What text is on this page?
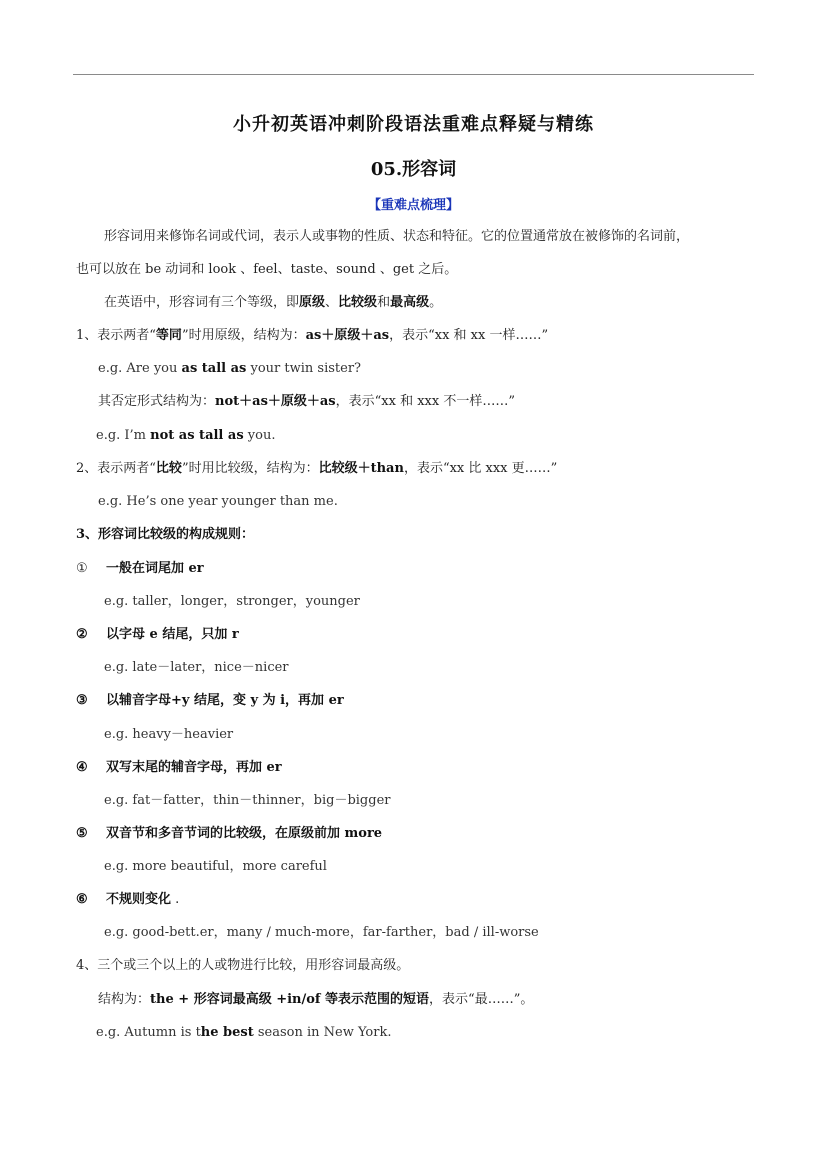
小升初英语冲刺阶段语法重难点释疑与精练
05.形容词
【重难点梳理】
形容词用来修饰名词或代词，表示人或事物的性质、状态和特征。它的位置通常放在被修饰的名词前，
也可以放在 be 动词和 look 、feel、taste、sound 、get 之后。
在英语中，形容词有三个等级，即原级、比较级和最高级。
1、表示两者“等同”时用原级，结构为：as＋原级＋as，表示“xx 和 xx 一样……”
e.g. Are you as tall as your twin sister?
其否定形式结构为：not＋as＋原级＋as，表示“xx 和 xxx 不一样……”
e.g. I’m not as tall as you.
2、表示两者“比较”时用比较级，结构为：比较级＋than，表示“xx 比 xxx 更……”
e.g. He’s one year younger than me.
3、形容词比较级的构成规则：
① 一般在词尾加 er
e.g. taller，longer，stronger，younger
② 以字母 e 结尾，只加 r
e.g. late－later，nice－nicer
③ 以辅音字母+y 结尾，变 y 为 i，再加 er
e.g. heavy－heavier
④ 双写末尾的辅音字母，再加 er
e.g. fat－fatter，thin－thinner，big－bigger
⑤ 双音节和多音节词的比较级，在原级前加 more
e.g. more beautiful，more careful
⑥ 不规则变化 .
e.g. good-bett.er，many / much-more，far-farther，bad / ill-worse
4、三个或三个以上的人或物进行比较，用形容词最高级。
结构为：the + 形容词最高级 +in/of 等表示范围的短语，表示“最……”。
e.g. Autumn is the best season in New York.
